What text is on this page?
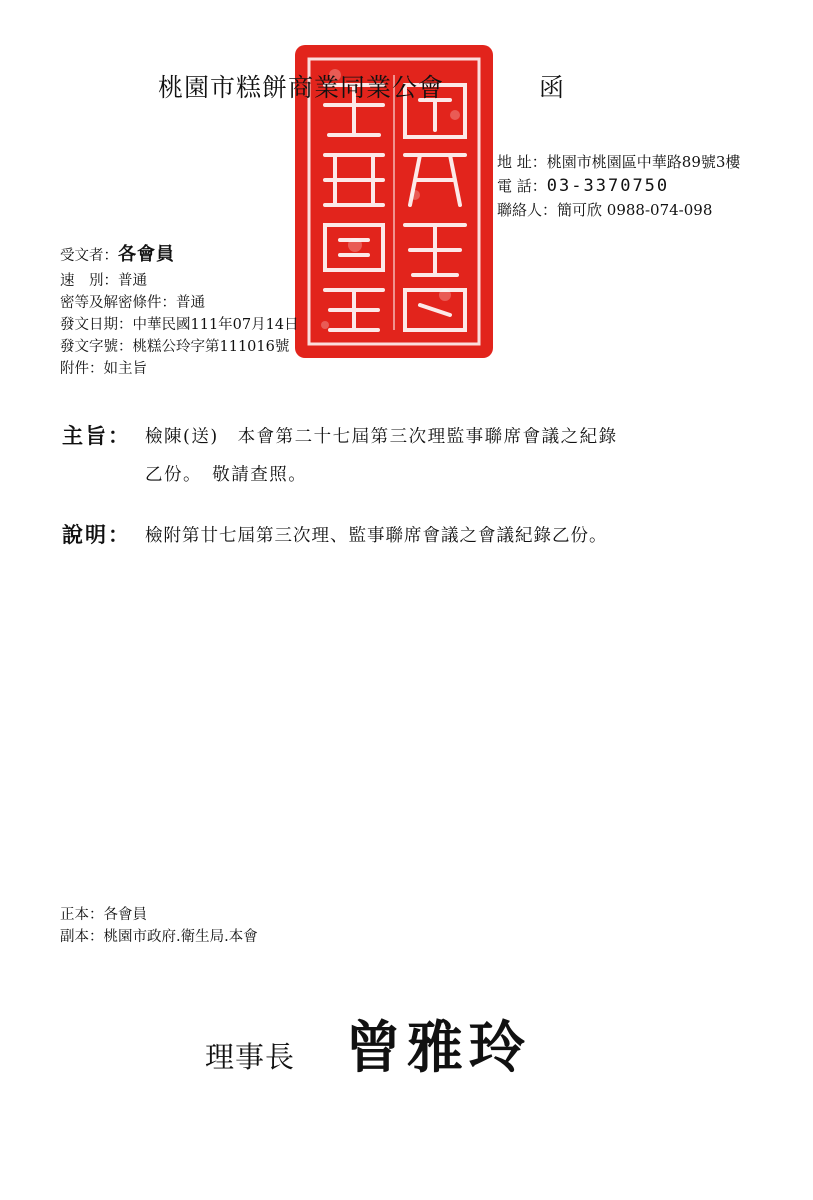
桃園市糕餅商業同業公會	函
地 址：桃園市桃園區中華路89號3樓
電 話：03-3370750
聯絡人：簡可欣 0988-074-098
受文者：各會員
速　別：普通
密等及解密條件：普通
發文日期：中華民國111年07月14日
發文字號：桃糕公玲字第111016號
附件：如主旨
主旨： 檢陳(送)　本會第二十七屆第三次理監事聯席會議之紀錄
乙份。　敬請查照。
說明： 檢附第廿七屆第三次理、監事聯席會議之會議紀錄乙份。
正本：各會員
副本：桃園市政府.衛生局.本會
理事長 曾雅玲
